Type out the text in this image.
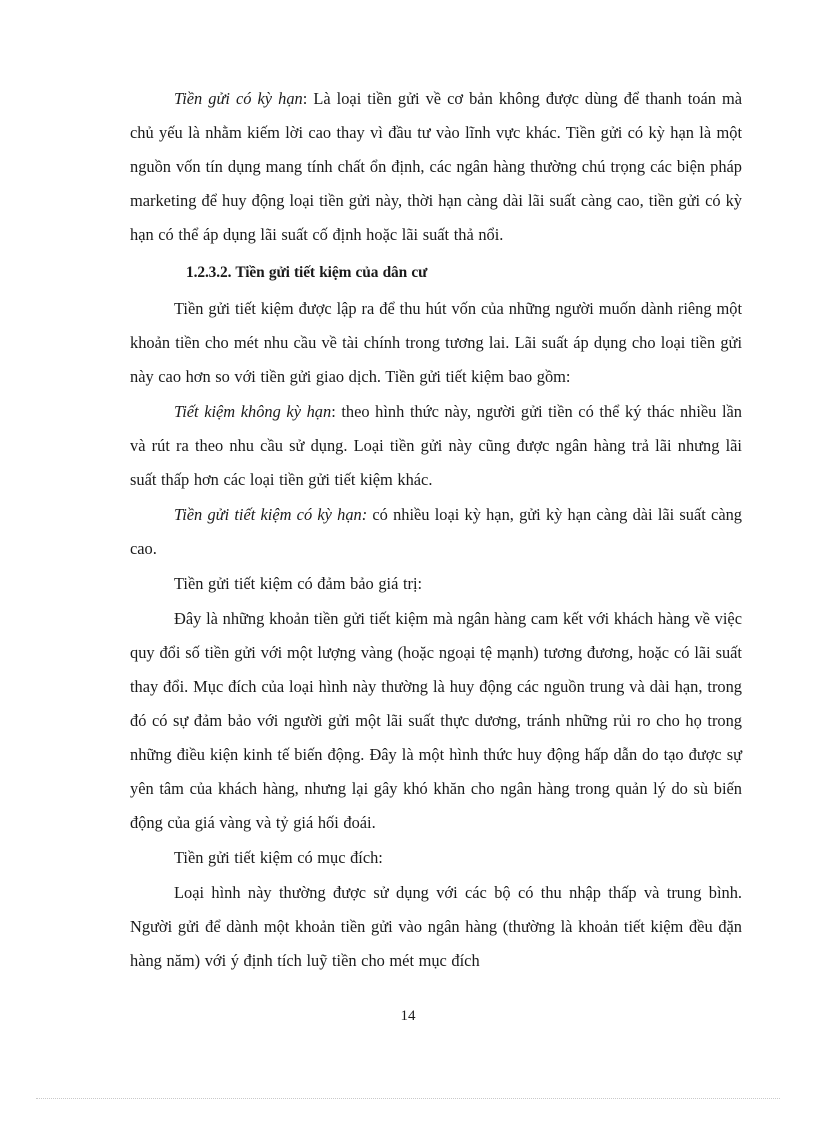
Tiền gửi có kỳ hạn: Là loại tiền gửi về cơ bản không được dùng để thanh toán mà chủ yếu là nhằm kiếm lời cao thay vì đầu tư vào lĩnh vực khác. Tiền gửi có kỳ hạn là một nguồn vốn tín dụng mang tính chất ổn định, các ngân hàng thường chú trọng các biện pháp marketing để huy động loại tiền gửi này, thời hạn càng dài lãi suất càng cao, tiền gửi có kỳ hạn có thể áp dụng lãi suất cố định hoặc lãi suất thả nổi.

1.2.3.2. Tiền gửi tiết kiệm của dân cư

Tiền gửi tiết kiệm được lập ra để thu hút vốn của những người muốn dành riêng một khoản tiền cho mét nhu cầu về tài chính trong tương lai. Lãi suất áp dụng cho loại tiền gửi này cao hơn so với tiền gửi giao dịch. Tiền gửi tiết kiệm bao gồm:

Tiết kiệm không kỳ hạn: theo hình thức này, người gửi tiền có thể ký thác nhiều lần và rút ra theo nhu cầu sử dụng. Loại tiền gửi này cũng được ngân hàng trả lãi nhưng lãi suất thấp hơn các loại tiền gửi tiết kiệm khác.

Tiền gửi tiết kiệm có kỳ hạn: có nhiều loại kỳ hạn, gửi kỳ hạn càng dài lãi suất càng cao.

Tiền gửi tiết kiệm có đảm bảo giá trị:

Đây là những khoản tiền gửi tiết kiệm mà ngân hàng cam kết với khách hàng về việc quy đổi số tiền gửi với một lượng vàng (hoặc ngoại tệ mạnh) tương đương, hoặc có lãi suất thay đổi. Mục đích của loại hình này thường là huy động các nguồn trung và dài hạn, trong đó có sự đảm bảo với người gửi một lãi suất thực dương, tránh những rủi ro cho họ trong những điều kiện kinh tế biến động. Đây là một hình thức huy động hấp dẫn do tạo được sự yên tâm của khách hàng, nhưng lại gây khó khăn cho ngân hàng trong quản lý do sù biến động của giá vàng và tỷ giá hối đoái.

Tiền gửi tiết kiệm có mục đích:

Loại hình này thường được sử dụng với các bộ có thu nhập thấp và trung bình. Người gửi để dành một khoản tiền gửi vào ngân hàng (thường là khoản tiết kiệm đều đặn hàng năm) với ý định tích luỹ tiền cho mét mục đích

14
